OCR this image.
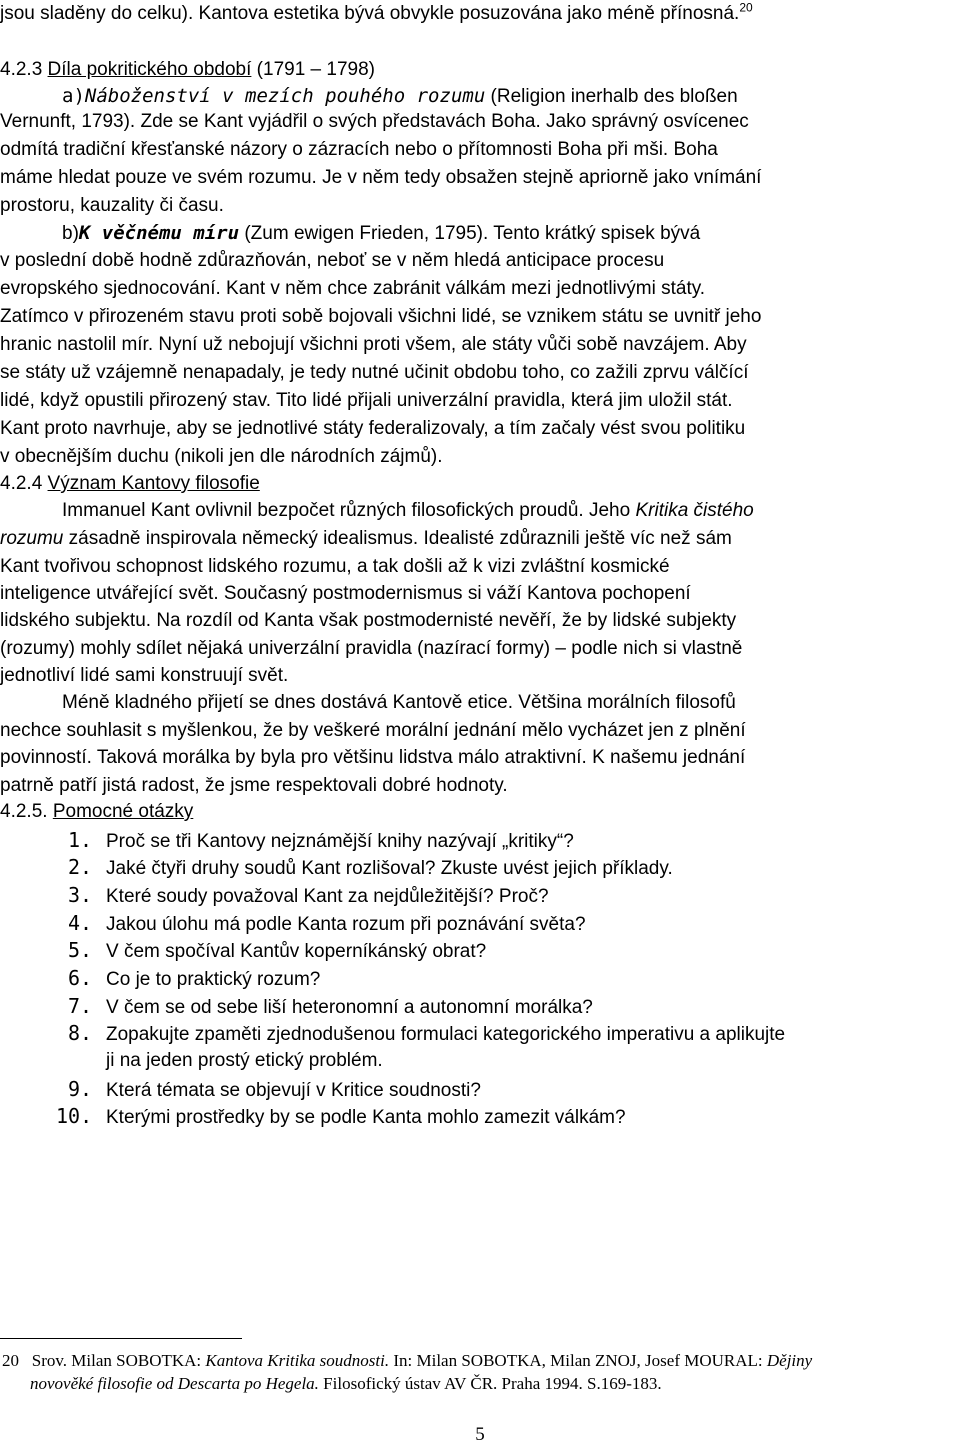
jsou sladěny do celku). Kantova estetika bývá obvykle posuzována jako méně přínosná.$^{20}$
4.2.3 Díla pokritického období (1791 – 1798)
a)Náboženství v mezích pouhého rozumu (Religion inerhalb des bloßen
Vernunft, 1793). Zde se Kant vyjádřil o svých představách Boha. Jako správný osvícenec
odmítá tradiční křesťanské názory o zázracích nebo o přítomnosti Boha při mši. Boha
máme hledat pouze ve svém rozumu. Je v něm tedy obsažen stejně apriorně jako vnímání
prostoru, kauzality či času.
b)K věčnému míru (Zum ewigen Frieden, 1795). Tento krátký spisek bývá
v poslední době hodně zdůrazňován, neboť se v něm hledá anticipace procesu
evropského sjednocování. Kant v něm chce zabránit válkám mezi jednotlivými státy.
Zatímco v přirozeném stavu proti sobě bojovali všichni lidé, se vznikem státu se uvnitř jeho
hranic nastolil mír. Nyní už nebojují všichni proti všem, ale státy vůči sobě navzájem. Aby
se státy už vzájemně nenapadaly, je tedy nutné učinit obdobu toho, co zažili zprvu válčící
lidé, když opustili přirozený stav. Tito lidé přijali univerzální pravidla, která jim uložil stát.
Kant proto navrhuje, aby se jednotlivé státy federalizovaly, a tím začaly vést svou politiku
v obecnějším duchu (nikoli jen dle národních zájmů).
4.2.4 Význam Kantovy filosofie
Immanuel Kant ovlivnil bezpočet různých filosofických proudů. Jeho Kritika čistého
rozumu zásadně inspirovala německý idealismus. Idealisté zdůraznili ještě víc než sám
Kant tvořivou schopnost lidského rozumu, a tak došli až k vizi zvláštní kosmické
inteligence utvářející svět. Současný postmodernismus si váží Kantova pochopení
lidského subjektu. Na rozdíl od Kanta však postmodernisté nevěří, že by lidské subjekty
(rozumy) mohly sdílet nějaká univerzální pravidla (nazírací formy) – podle nich si vlastně
jednotliví lidé sami konstruují svět.
Méně kladného přijetí se dnes dostává Kantově etice. Většina morálních filosofů
nechce souhlasit s myšlenkou, že by veškeré morální jednání mělo vycházet jen z plnění
povinností. Taková morálka by byla pro většinu lidstva málo atraktivní. K našemu jednání
patrně patří jistá radost, že jsme respektovali dobré hodnoty.
4.2.5. Pomocné otázky
1. Proč se tři Kantovy nejznámější knihy nazývají „kritiky“?
2. Jaké čtyři druhy soudů Kant rozlišoval? Zkuste uvést jejich příklady.
3. Které soudy považoval Kant za nejdůležitější? Proč?
4. Jakou úlohu má podle Kanta rozum při poznávání světa?
5. V čem spočíval Kantův koperníkánský obrat?
6. Co je to praktický rozum?
7. V čem se od sebe liší heteronomní a autonomní morálka?
8. Zopakujte zpaměti zjednodušenou formulaci kategorického imperativu a aplikujte
ji na jeden prostý etický problém.
9. Která témata se objevují v Kritice soudnosti?
10. Kterými prostředky by se podle Kanta mohlo zamezit válkám?
20 Srov. Milan SOBOTKA: Kantova Kritika soudnosti. In: Milan SOBOTKA, Milan ZNOJ, Josef MOURAL: Dějiny
novověké filosofie od Descarta po Hegela. Filosofický ústav AV ČR. Praha 1994. S.169-183.
5
